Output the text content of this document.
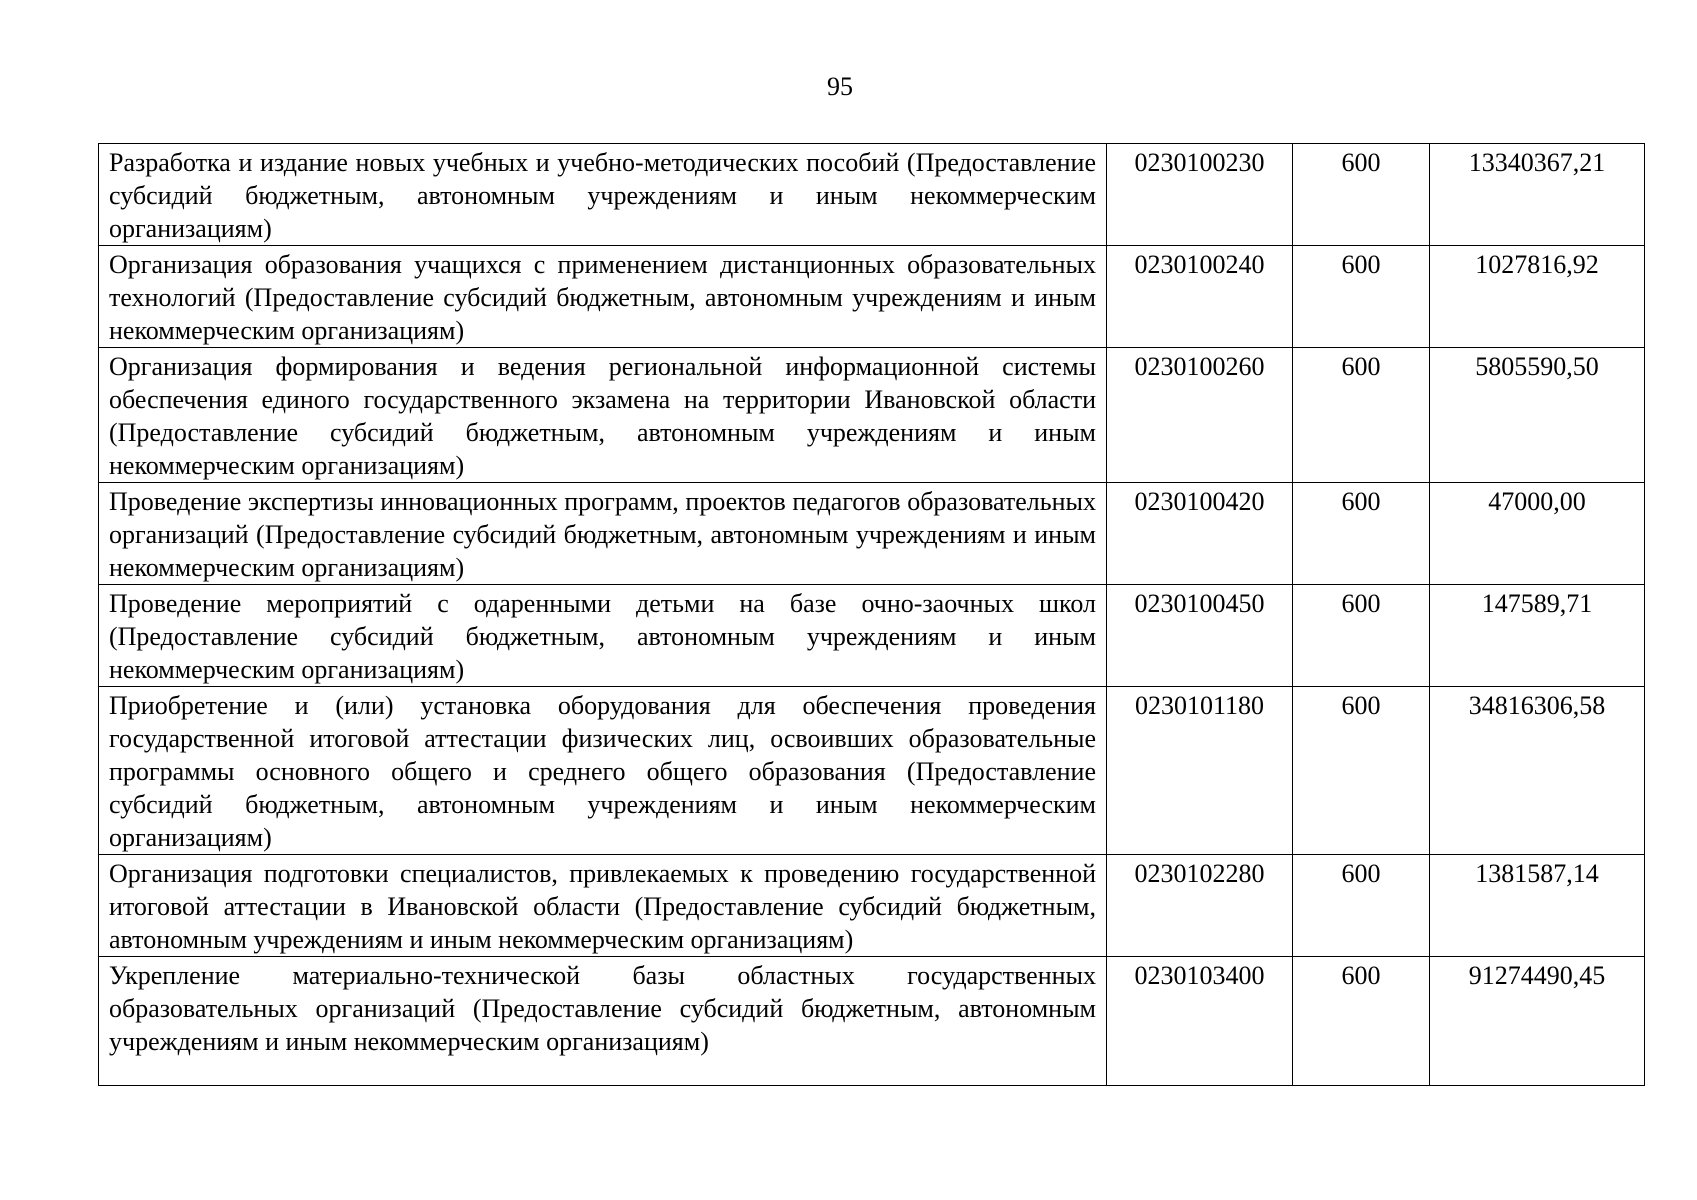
95
Разработка и издание новых учебных и учебно-методических пособий (Предоставление субсидий бюджетным, автономным учреждениям и иным некоммерческим организациям)	0230100230	600	13340367,21
Организация образования учащихся с применением дистанционных образовательных технологий (Предоставление субсидий бюджетным, автономным учреждениям и иным некоммерческим организациям)	0230100240	600	1027816,92
Организация формирования и ведения региональной информационной системы обеспечения единого государственного экзамена на территории Ивановской области (Предоставление субсидий бюджетным, автономным учреждениям и иным некоммерческим организациям)	0230100260	600	5805590,50
Проведение экспертизы инновационных программ, проектов педагогов образовательных организаций (Предоставление субсидий бюджетным, автономным учреждениям и иным некоммерческим организациям)	0230100420	600	47000,00
Проведение мероприятий с одаренными детьми на базе очно-заочных школ (Предоставление субсидий бюджетным, автономным учреждениям и иным некоммерческим организациям)	0230100450	600	147589,71
Приобретение и (или) установка оборудования для обеспечения проведения государственной итоговой аттестации физических лиц, освоивших образовательные программы основного общего и среднего общего образования (Предоставление субсидий бюджетным, автономным учреждениям и иным некоммерческим организациям)	0230101180	600	34816306,58
Организация подготовки специалистов, привлекаемых к проведению государственной итоговой аттестации в Ивановской области (Предоставление субсидий бюджетным, автономным учреждениям и иным некоммерческим организациям)	0230102280	600	1381587,14
Укрепление материально-технической базы областных государственных образовательных организаций (Предоставление субсидий бюджетным, автономным учреждениям и иным некоммерческим организациям)	0230103400	600	91274490,45
